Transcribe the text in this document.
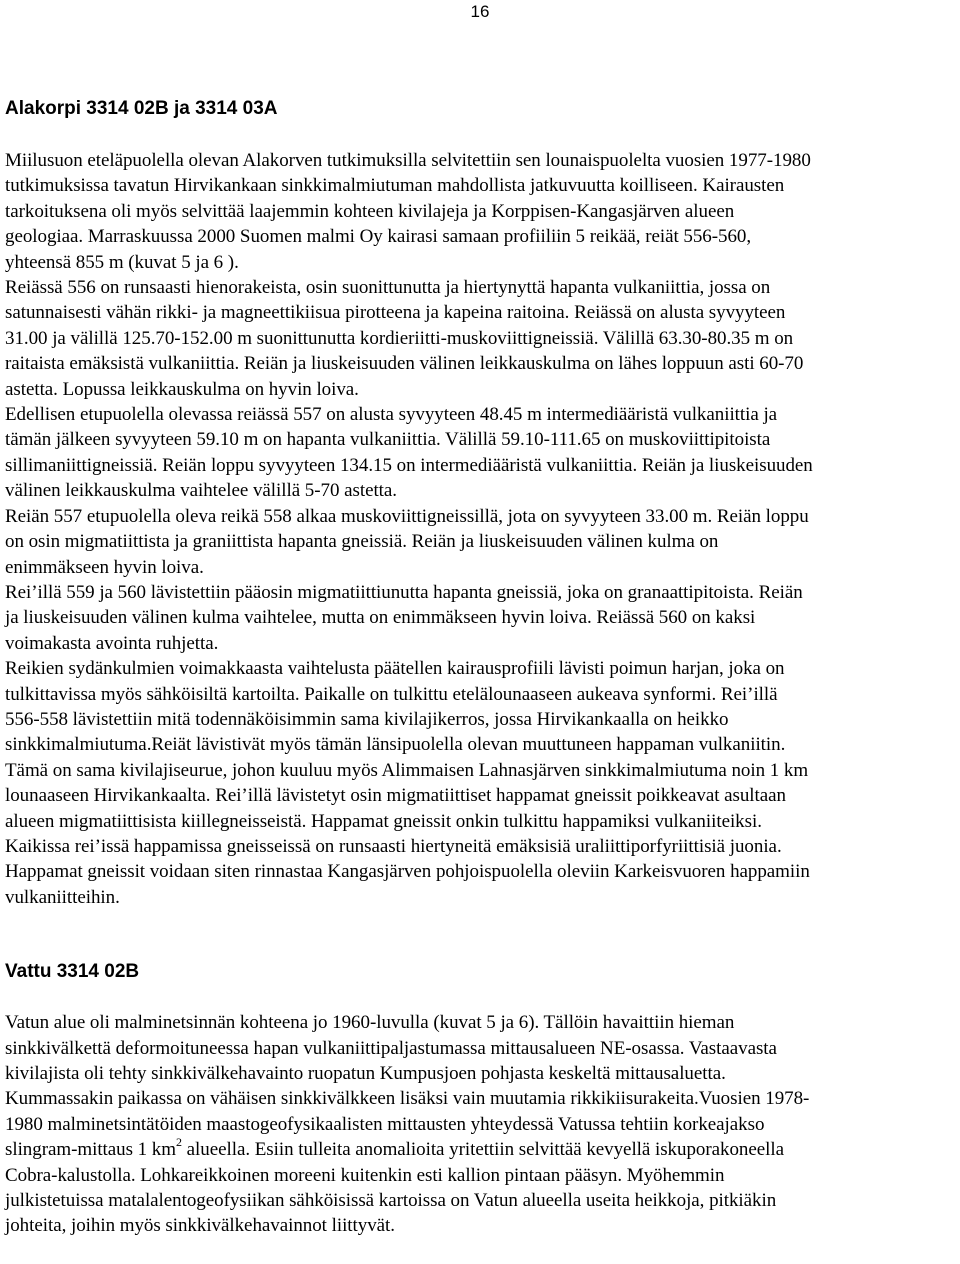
16
Alakorpi 3314 02B ja 3314 03A

Miilusuon eteläpuolella olevan Alakorven tutkimuksilla selvitettiin sen lounaispuolelta vuosien 1977-1980
tutkimuksissa tavatun Hirvikankaan sinkkimalmiutuman mahdollista jatkuvuutta koilliseen. Kairausten
tarkoituksena oli myös selvittää laajemmin kohteen kivilajeja ja Korppisen-Kangasjärven alueen
geologiaa. Marraskuussa 2000 Suomen malmi Oy kairasi samaan profiiliin 5 reikää, reiät 556-560,
yhteensä 855 m (kuvat 5 ja 6 ).

Reiässä 556 on runsaasti hienorakeista, osin suonittunutta ja hiertynyttä hapanta vulkaniittia, jossa on
satunnaisesti vähän rikki- ja magneettikiisua pirotteena ja kapeina raitoina. Reiässä on alusta syvyyteen
31.00 ja välillä 125.70-152.00 m suonittunutta kordieriitti-muskoviittigneissiä. Välillä 63.30-80.35 m on
raitaista emäksistä vulkaniittia. Reiän ja liuskeisuuden välinen leikkauskulma on lähes loppuun asti 60-70
astetta. Lopussa leikkauskulma on hyvin loiva.

Edellisen etupuolella olevassa reiässä 557 on alusta syvyyteen 48.45 m intermediääristä vulkaniittia ja
tämän jälkeen syvyyteen 59.10 m on hapanta vulkaniittia. Välillä 59.10-111.65 on muskoviittipitoista
sillimaniittigneissiä. Reiän loppu syvyyteen 134.15 on intermediääristä vulkaniittia. Reiän ja liuskeisuuden
välinen leikkauskulma vaihtelee välillä 5-70 astetta.

Reiän 557 etupuolella oleva reikä 558 alkaa muskoviittigneissillä, jota on syvyyteen 33.00 m. Reiän loppu
on osin migmatiittista ja graniittista hapanta gneissiä. Reiän ja liuskeisuuden välinen kulma on
enimmäkseen hyvin loiva.

Rei’illä 559 ja 560 lävistettiin pääosin migmatiittiunutta hapanta gneissiä, joka on granaattipitoista. Reiän
ja liuskeisuuden välinen kulma vaihtelee, mutta on enimmäkseen hyvin loiva. Reiässä 560 on kaksi
voimakasta avointa ruhjetta.

Reikien sydänkulmien voimakkaasta vaihtelusta päätellen kairausprofiili lävisti poimun harjan, joka on
tulkittavissa myös sähköisiltä kartoilta. Paikalle on tulkittu etelälounaaseen aukeava synformi. Rei’illä
556-558 lävistettiin mitä todennäköisimmin sama kivilajikerros, jossa Hirvikankaalla on heikko
sinkkimalmiutuma.Reiät lävistivät myös tämän länsipuolella olevan muuttuneen happaman vulkaniitin.
Tämä on sama kivilajiseurue, johon kuuluu myös Alimmaisen Lahnasjärven sinkkimalmiutuma noin 1 km
lounaaseen Hirvikankaalta. Rei’illä lävistetyt osin migmatiittiset happamat gneissit poikkeavat asultaan
alueen migmatiittisista kiillegneisseistä. Happamat gneissit onkin tulkittu happamiksi vulkaniiteiksi.
Kaikissa rei’issä happamissa gneisseissä on runsaasti hiertyneitä emäksisiä uraliittiporfyriittisiä juonia.
Happamat gneissit voidaan siten rinnastaa Kangasjärven pohjoispuolella oleviin Karkeisvuoren happamiin
vulkaniitteihin.

Vattu 3314 02B

Vatun alue oli malminetsinnän kohteena jo 1960-luvulla (kuvat 5 ja 6). Tällöin havaittiin hieman
sinkkivälkettä deformoituneessa hapan vulkaniittipaljastumassa mittausalueen NE-osassa. Vastaavasta
kivilajista oli tehty sinkkivälkehavainto ruopatun Kumpusjoen pohjasta keskeltä mittausaluetta.
Kummassakin paikassa on vähäisen sinkkivälkkeen lisäksi vain muutamia rikkikiisurakeita.Vuosien 1978-
1980 malminetsintätöiden maastogeofysikaalisten mittausten yhteydessä Vatussa tehtiin korkeajakso
slingram-mittaus 1 $km^2$ alueella. Esiin tulleita anomalioita yritettiin selvittää kevyellä iskuporakoneella
Cobra-kalustolla. Lohkareikkoinen moreeni kuitenkin esti kallion pintaan pääsyn. Myöhemmin
julkistetuissa matalalentogeofysiikan sähköisissä kartoissa on Vatun alueella useita heikkoja, pitkiäkin
johteita, joihin myös sinkkivälkehavainnot liittyvät.
